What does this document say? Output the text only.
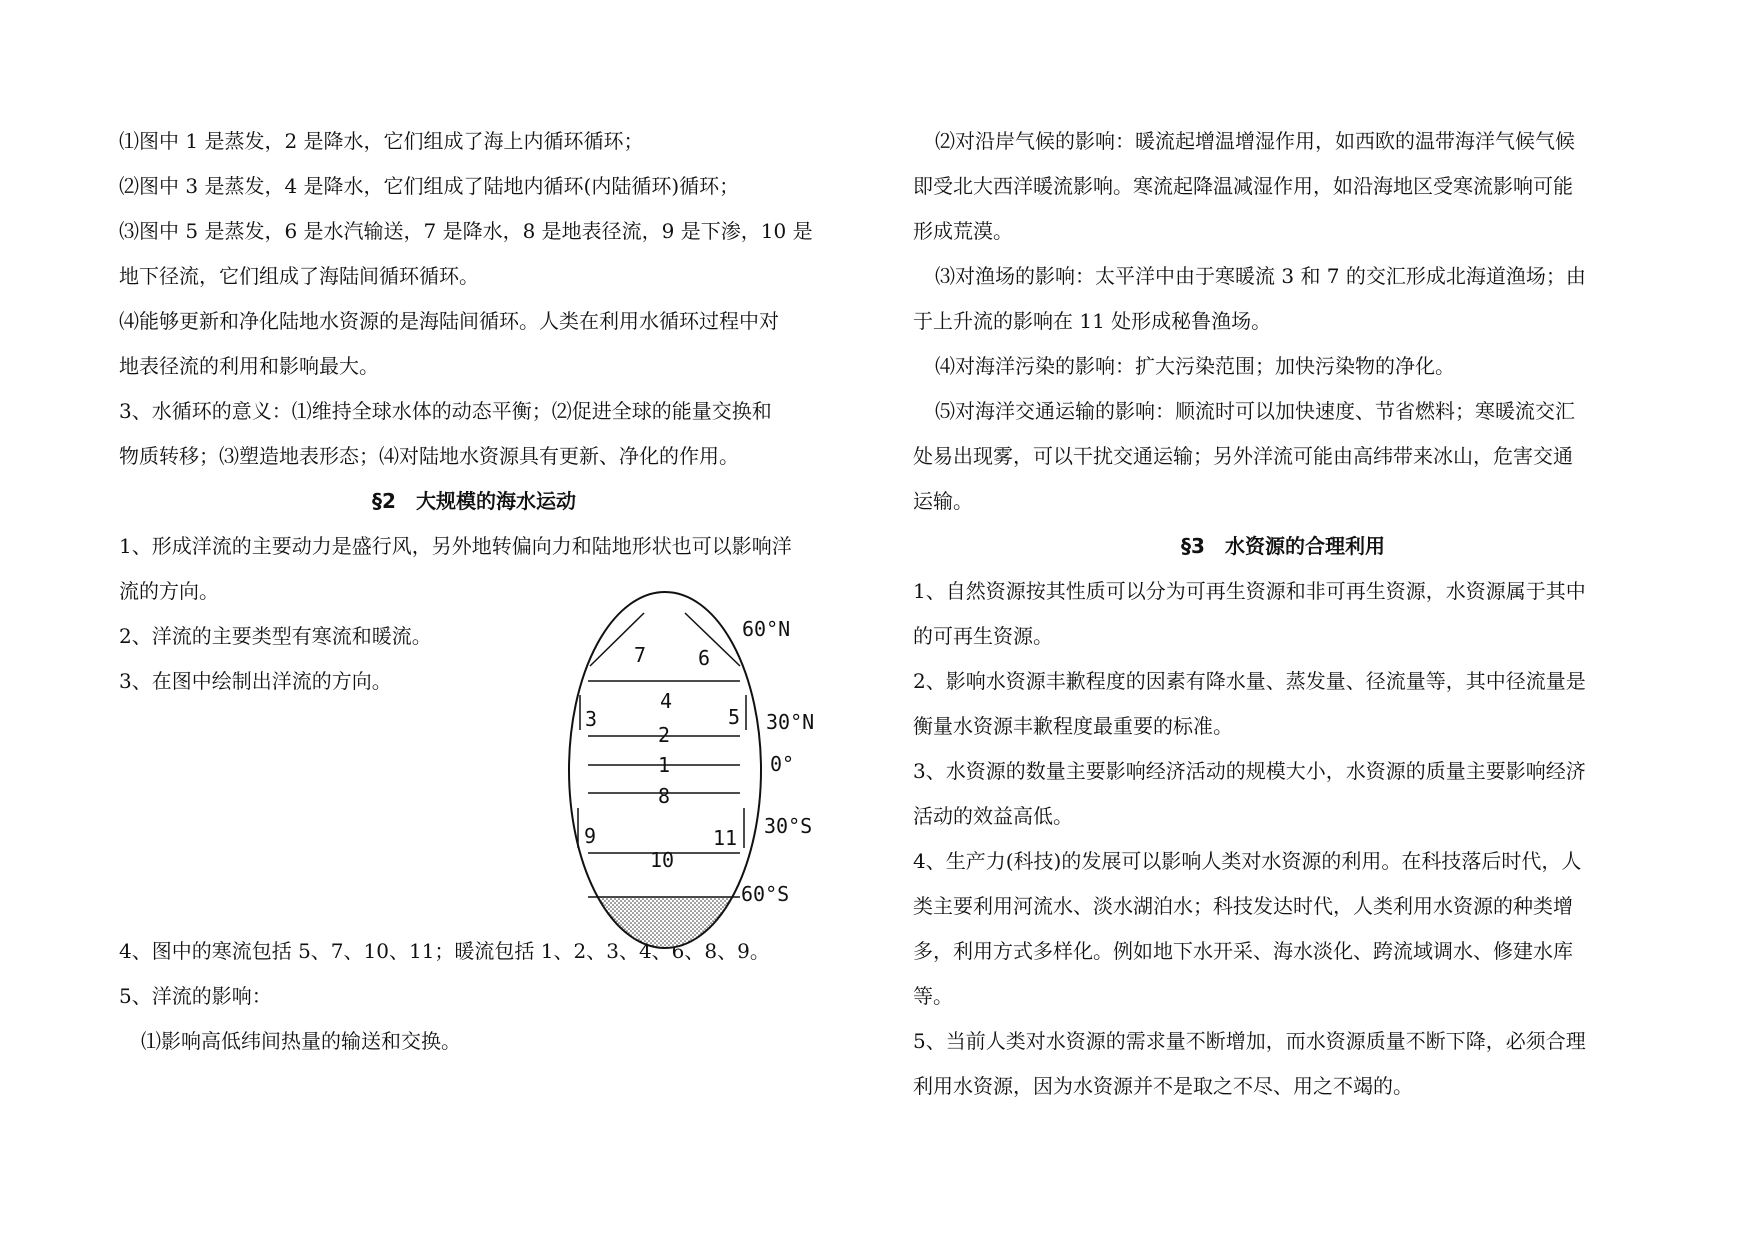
⑴图中 1 是蒸发，2 是降水，它们组成了海上内循环循环；
⑵图中 3 是蒸发，4 是降水，它们组成了陆地内循环(内陆循环)循环；
⑶图中 5 是蒸发，6 是水汽输送，7 是降水，8 是地表径流，9 是下渗，10 是
地下径流，它们组成了海陆间循环循环。
⑷能够更新和净化陆地水资源的是海陆间循环。人类在利用水循环过程中对
地表径流的利用和影响最大。
3、水循环的意义：⑴维持全球水体的动态平衡；⑵促进全球的能量交换和
物质转移；⑶塑造地表形态；⑷对陆地水资源具有更新、净化的作用。
§2　大规模的海水运动
1、形成洋流的主要动力是盛行风，另外地转偏向力和陆地形状也可以影响洋
流的方向。
2、洋流的主要类型有寒流和暖流。
3、在图中绘制出洋流的方向。
4、图中的寒流包括 5、7、10、11；暖流包括 1、2、3、4、6、8、9。
5、洋流的影响：
⑴影响高低纬间热量的输送和交换。
7	6
4
3	5
2
1
8
9	11
10
60°N
30°N
0°
30°S
60°S
⑵对沿岸气候的影响：暖流起增温增湿作用，如西欧的温带海洋气候气候
即受北大西洋暖流影响。寒流起降温减湿作用，如沿海地区受寒流影响可能
形成荒漠。
⑶对渔场的影响：太平洋中由于寒暖流 3 和 7 的交汇形成北海道渔场；由
于上升流的影响在 11 处形成秘鲁渔场。
⑷对海洋污染的影响：扩大污染范围；加快污染物的净化。
⑸对海洋交通运输的影响：顺流时可以加快速度、节省燃料；寒暖流交汇
处易出现雾，可以干扰交通运输；另外洋流可能由高纬带来冰山，危害交通
运输。
§3　水资源的合理利用
1、自然资源按其性质可以分为可再生资源和非可再生资源，水资源属于其中
的可再生资源。
2、影响水资源丰歉程度的因素有降水量、蒸发量、径流量等，其中径流量是
衡量水资源丰歉程度最重要的标准。
3、水资源的数量主要影响经济活动的规模大小，水资源的质量主要影响经济
活动的效益高低。
4、生产力(科技)的发展可以影响人类对水资源的利用。在科技落后时代，人
类主要利用河流水、淡水湖泊水；科技发达时代，人类利用水资源的种类增
多，利用方式多样化。例如地下水开采、海水淡化、跨流域调水、修建水库
等。
5、当前人类对水资源的需求量不断增加，而水资源质量不断下降，必须合理
利用水资源，因为水资源并不是取之不尽、用之不竭的。
